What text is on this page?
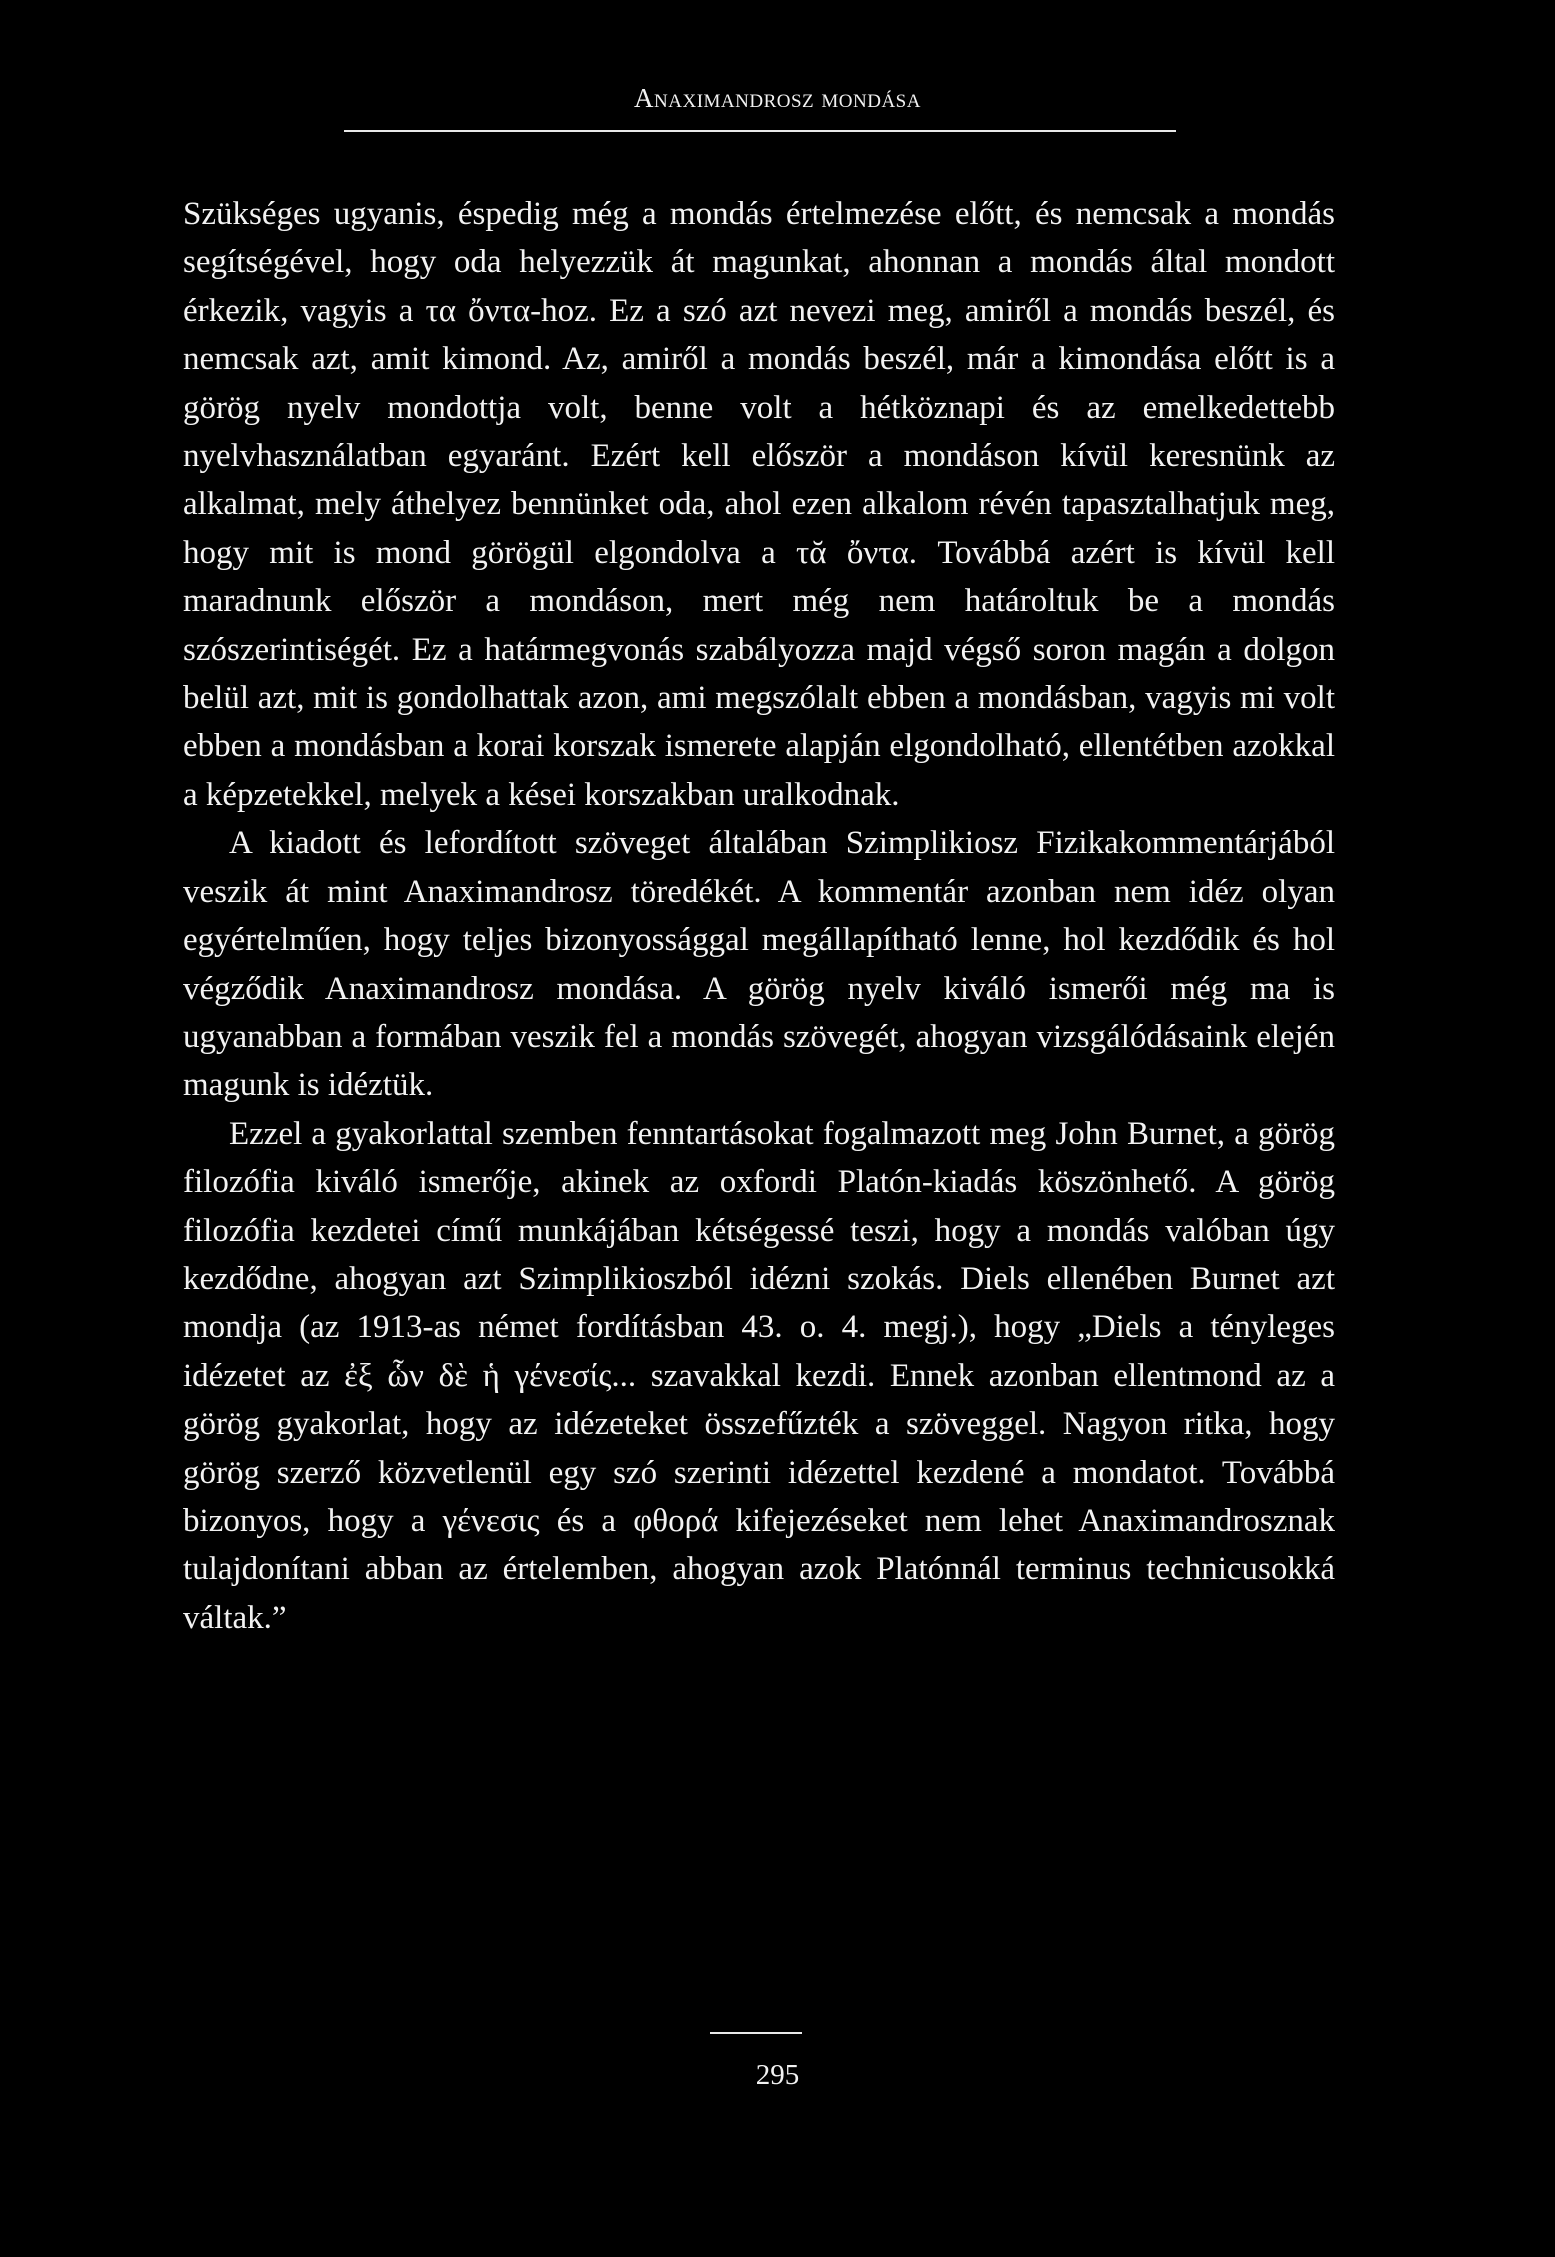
Anaximandrosz mondása

Szükséges ugyanis, éspedig még a mondás értelmezése előtt, és nemcsak a mondás segítségével, hogy oda helyezzük át magunkat, ahonnan a mondás által mondott érkezik, vagyis a τα ὄντα-hoz. Ez a szó azt nevezi meg, amiről a mondás beszél, és nemcsak azt, amit kimond. Az, amiről a mondás beszél, már a kimondása előtt is a görög nyelv mondottja volt, benne volt a hétköznapi és az emelkedettebb nyelvhasználatban egyaránt. Ezért kell először a mondáson kívül keresnünk az alkalmat, mely áthelyez bennünket oda, ahol ezen alkalom révén tapasztalhatjuk meg, hogy mit is mond görögül elgondolva a τᾰ ὄντα. Továbbá azért is kívül kell maradnunk először a mondáson, mert még nem határoltuk be a mondás szószerintiségét. Ez a határmegvonás szabályozza majd végső soron magán a dolgon belül azt, mit is gondolhattak azon, ami megszólalt ebben a mondásban, vagyis mi volt ebben a mondásban a korai korszak ismerete alapján elgondolható, ellentétben azokkal a képzetekkel, melyek a kései korszakban uralkodnak.

A kiadott és lefordított szöveget általában Szimplikiosz Fizikakommentárjából veszik át mint Anaximandrosz töredékét. A kommentár azonban nem idéz olyan egyértelműen, hogy teljes bizonyossággal megállapítható lenne, hol kezdődik és hol végződik Anaximandrosz mondása. A görög nyelv kiváló ismerői még ma is ugyanabban a formában veszik fel a mondás szövegét, ahogyan vizsgálódásaink elején magunk is idéztük.

Ezzel a gyakorlattal szemben fenntartásokat fogalmazott meg John Burnet, a görög filozófia kiváló ismerője, akinek az oxfordi Platón-kiadás köszönhető. A görög filozófia kezdetei című munkájában kétségessé teszi, hogy a mondás valóban úgy kezdődne, ahogyan azt Szimplikioszból idézni szokás. Diels ellenében Burnet azt mondja (az 1913-as német fordításban 43. o. 4. megj.), hogy „Diels a tényleges idézetet az ἐξ ὧν δὲ ἡ γένεσίς... szavakkal kezdi. Ennek azonban ellentmond az a görög gyakorlat, hogy az idézeteket összefűzték a szöveggel. Nagyon ritka, hogy görög szerző közvetlenül egy szó szerinti idézettel kezdené a mondatot. Továbbá bizonyos, hogy a γένεσις és a φθορά kifejezéseket nem lehet Anaximandrosznak tulajdonítani abban az értelemben, ahogyan azok Platónnál terminus technicusokká váltak.”

295
